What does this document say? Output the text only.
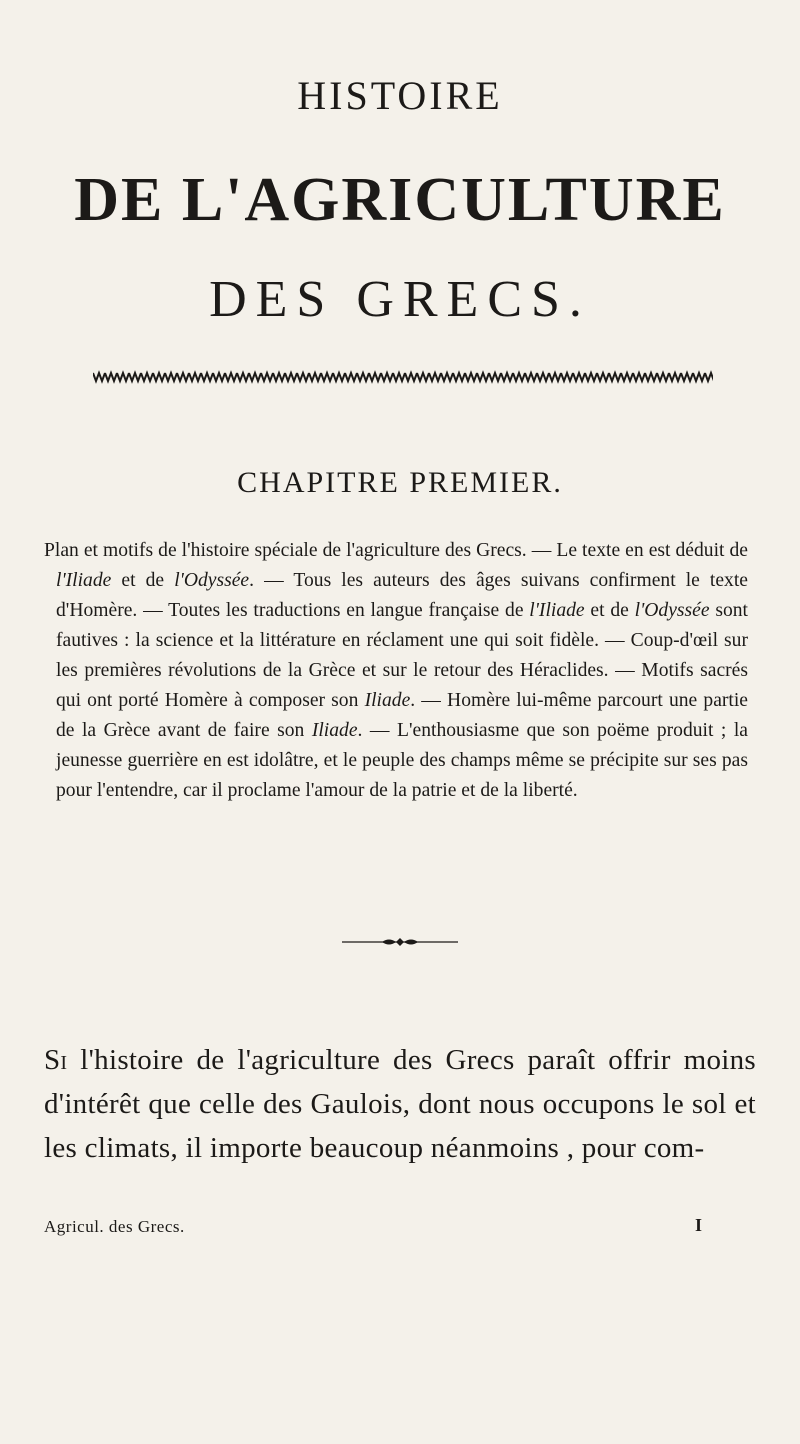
HISTOIRE
DE L'AGRICULTURE
DES GRECS.
CHAPITRE PREMIER.
Plan et motifs de l'histoire spéciale de l'agriculture des Grecs. — Le texte en est déduit de l'Iliade et de l'Odyssée. — Tous les auteurs des âges suivans confirment le texte d'Homère. — Toutes les traductions en langue française de l'Iliade et de l'Odyssée sont fautives : la science et la littérature en réclament une qui soit fidèle. — Coup-d'œil sur les premières révolutions de la Grèce et sur le retour des Héraclides. — Motifs sacrés qui ont porté Homère à composer son Iliade. — Homère lui-même parcourt une partie de la Grèce avant de faire son Iliade. — L'enthousiasme que son poëme produit ; la jeunesse guerrière en est idolâtre, et le peuple des champs même se précipite sur ses pas pour l'entendre, car il proclame l'amour de la patrie et de la liberté.
Si l'histoire de l'agriculture des Grecs paraît offrir moins d'intérêt que celle des Gaulois, dont nous occupons le sol et les climats, il importe beaucoup néanmoins , pour com-
Agricul. des Grecs.	I
